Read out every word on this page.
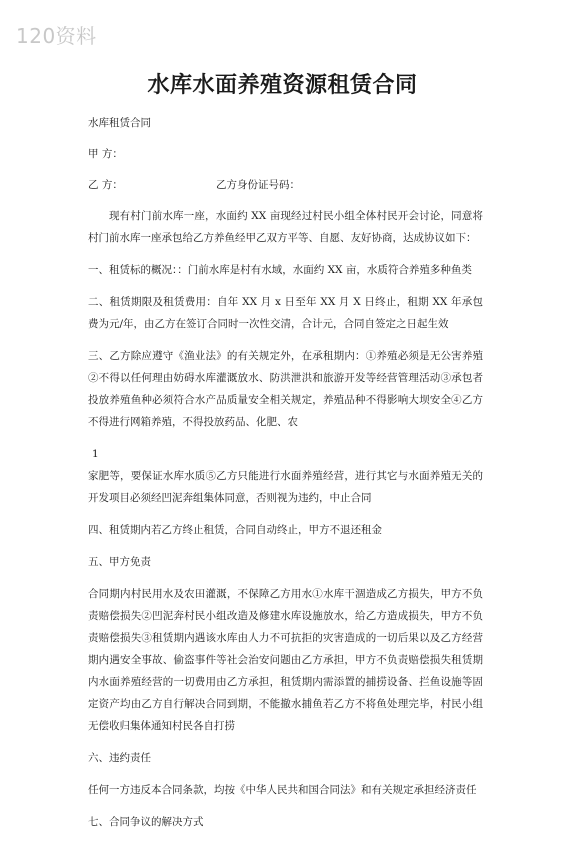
120资料
水库水面养殖资源租赁合同
水库租赁合同
甲 方：
乙 方：	乙方身份证号码：

现有村门前水库一座，水面约 XX 亩现经过村民小组全体村民开会讨论，同意将村门前水库一座承包给乙方养鱼经甲乙双方平等、自愿、友好协商，达成协议如下：

一、租赁标的概况：：门前水库是村有水域，水面约 XX 亩，水质符合养殖多种鱼类

二、租赁期限及租赁费用：自年 XX 月 x 日至年 XX 月 X 日终止，租期 XX 年承包费为元/年，由乙方在签订合同时一次性交清，合计元，合同自签定之日起生效

三、乙方除应遵守《渔业法》的有关规定外，在承租期内：①养殖必须是无公害养殖②不得以任何理由妨碍水库灌溉放水、防洪泄洪和旅游开发等经营管理活动③承包者投放养殖鱼种必须符合水产品质量安全相关规定，养殖品种不得影响大坝安全④乙方不得进行网箱养殖，不得投放药品、化肥、农

1

家肥等，要保证水库水质⑤乙方只能进行水面养殖经营，进行其它与水面养殖无关的开发项目必须经凹泥奔组集体同意，否则视为违约，中止合同

四、租赁期内若乙方终止租赁，合同自动终止，甲方不退还租金

五、甲方免责

合同期内村民用水及农田灌溉，不保障乙方用水①水库干涸造成乙方损失，甲方不负责赔偿损失②凹泥奔村民小组改造及修建水库设施放水，给乙方造成损失，甲方不负责赔偿损失③租赁期内遇该水库由人力不可抗拒的灾害造成的一切后果以及乙方经营期内遇安全事故、偷盗事件等社会治安问题由乙方承担，甲方不负责赔偿损失租赁期内水面养殖经营的一切费用由乙方承担，租赁期内需添置的捕捞设备、拦鱼设施等固定资产均由乙方自行解决合同到期，不能撤水捕鱼若乙方不将鱼处理完毕，村民小组无偿收归集体通知村民各自打捞

六、违约责任

任何一方违反本合同条款，均按《中华人民共和国合同法》和有关规定承担经济责任

七、合同争议的解决方式
